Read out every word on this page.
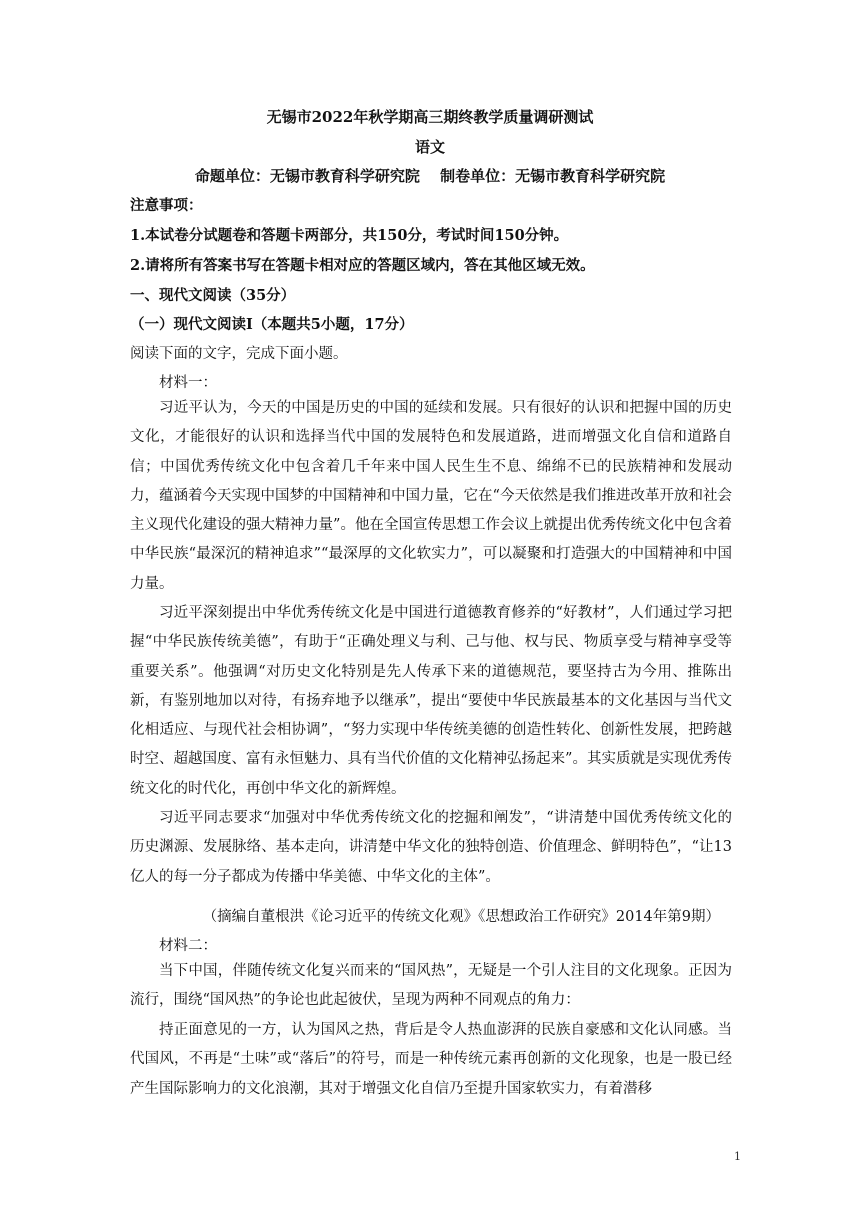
无锡市2022年秋学期高三期终教学质量调研测试
语文
命题单位：无锡市教育科学研究院　 制卷单位：无锡市教育科学研究院
注意事项：
1.本试卷分试题卷和答题卡两部分，共150分，考试时间150分钟。
2.请将所有答案书写在答题卡相对应的答题区域内，答在其他区域无效。
一、现代文阅读（35分）
（一）现代文阅读Ⅰ（本题共5小题，17分）
阅读下面的文字，完成下面小题。
材料一：

习近平认为，今天的中国是历史的中国的延续和发展。只有很好的认识和把握中国的历史文化，才能很好的认识和选择当代中国的发展特色和发展道路，进而增强文化自信和道路自信；中国优秀传统文化中包含着几千年来中国人民生生不息、绵绵不已的民族精神和发展动力，蕴涵着今天实现中国梦的中国精神和中国力量，它在“今天依然是我们推进改革开放和社会主义现代化建设的强大精神力量”。他在全国宣传思想工作会议上就提出优秀传统文化中包含着中华民族“最深沉的精神追求”“最深厚的文化软实力”，可以凝聚和打造强大的中国精神和中国力量。

习近平深刻提出中华优秀传统文化是中国进行道德教育修养的“好教材”，人们通过学习把握“中华民族传统美德”，有助于“正确处理义与利、己与他、权与民、物质享受与精神享受等重要关系”。他强调“对历史文化特别是先人传承下来的道德规范，要坚持古为今用、推陈出新，有鉴别地加以对待，有扬弃地予以继承”，提出“要使中华民族最基本的文化基因与当代文化相适应、与现代社会相协调”，“努力实现中华传统美德的创造性转化、创新性发展，把跨越时空、超越国度、富有永恒魅力、具有当代价值的文化精神弘扬起来”。其实质就是实现优秀传统文化的时代化，再创中华文化的新辉煌。

习近平同志要求“加强对中华优秀传统文化的挖掘和阐发”，“讲清楚中国优秀传统文化的历史渊源、发展脉络、基本走向，讲清楚中华文化的独特创造、价值理念、鲜明特色”，“让13亿人的每一分子都成为传播中华美德、中华文化的主体”。

（摘编自董根洪《论习近平的传统文化观》《思想政治工作研究》2014年第9期）
材料二：

当下中国，伴随传统文化复兴而来的“国风热”，无疑是一个引人注目的文化现象。正因为流行，围绕“国风热”的争论也此起彼伏，呈现为两种不同观点的角力：

持正面意见的一方，认为国风之热，背后是令人热血澎湃的民族自豪感和文化认同感。当代国风，不再是“土味”或“落后”的符号，而是一种传统元素再创新的文化现象，也是一股已经产生国际影响力的文化浪潮，其对于增强文化自信乃至提升国家软实力，有着潜移

1
